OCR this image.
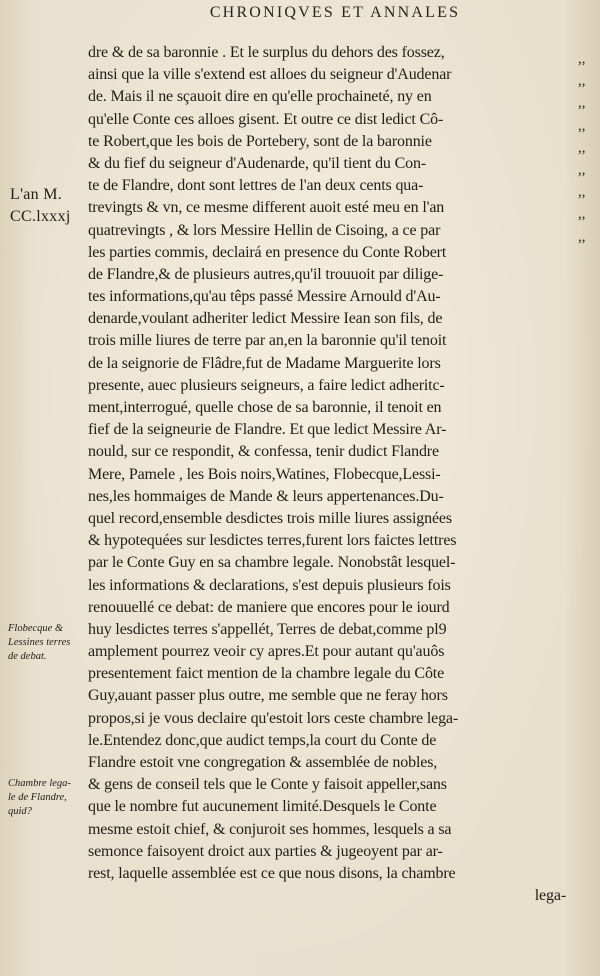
CHRONIQVES ET ANNALES
L'an M.
CC.lxxxj
Flobecque &
Lessines terres
de debat.
Chambre lega-
le de Flandre,
quid?
dre & de sa baronnie . Et le surplus du dehors des fossez,
ainsi que la ville s'extend est alloes du seigneur d'Audenar
de. Mais il ne sçauoit dire en qu'elle prochaineté, ny en
qu'elle Conte ces alloes gisent. Et outre ce dist ledict Cô-
te Robert,que les bois de Portebery, sont de la baronnie
& du fief du seigneur d'Audenarde, qu'il tient du Con-
te de Flandre, dont sont lettres de l'an deux cents qua-
trevingts & vn, ce mesme different auoit esté meu en l'an
quatrevingts , & lors Messire Hellin de Cisoing, a ce par
les parties commis, declairá en presence du Conte Robert
de Flandre,& de plusieurs autres,qu'il trouuoit par dilige-
tes informations,qu'au têps passé Messire Arnould d'Au-
denarde,voulant adheriter ledict Messire Iean son fils, de
trois mille liures de terre par an,en la baronnie qu'il tenoit
de la seignorie de Flâdre,fut de Madame Marguerite lors
presente, auec plusieurs seigneurs, a faire ledict adheritc-
ment,interrogué, quelle chose de sa baronnie, il tenoit en
fief de la seigneurie de Flandre. Et que ledict Messire Ar-
nould, sur ce respondit, & confessa, tenir dudict Flandre
Mere, Pamele , les Bois noirs,Watines, Flobecque,Lessi-
nes,les hommaiges de Mande & leurs appertenances.Du-
quel record,ensemble desdictes trois mille liures assignées
& hypotequées sur lesdictes terres,furent lors faictes lettres
par le Conte Guy en sa chambre legale. Nonobstât lesquel-
les informations & declarations, s'est depuis plusieurs fois
renouuellé ce debat: de maniere que encores pour le iourd
huy lesdictes terres s'appellét, Terres de debat,comme pl9
amplement pourrez veoir cy apres.Et pour autant qu'auôs
presentement faict mention de la chambre legale du Côte
Guy,auant passer plus outre, me semble que ne feray hors
propos,si je vous declaire qu'estoit lors ceste chambre lega-
le.Entendez donc,que audict temps,la court du Conte de
Flandre estoit vne congregation & assemblée de nobles,
& gens de conseil tels que le Conte y faisoit appeller,sans
que le nombre fut aucunement limité.Desquels le Conte
mesme estoit chief, & conjuroit ses hommes, lesquels a sa
semonce faisoyent droict aux parties & jugeoyent par ar-
rest, laquelle assemblée est ce que nous disons, la chambre
lega-
,,
,,
,,
,,
,,
,,
,,
,,
,,
